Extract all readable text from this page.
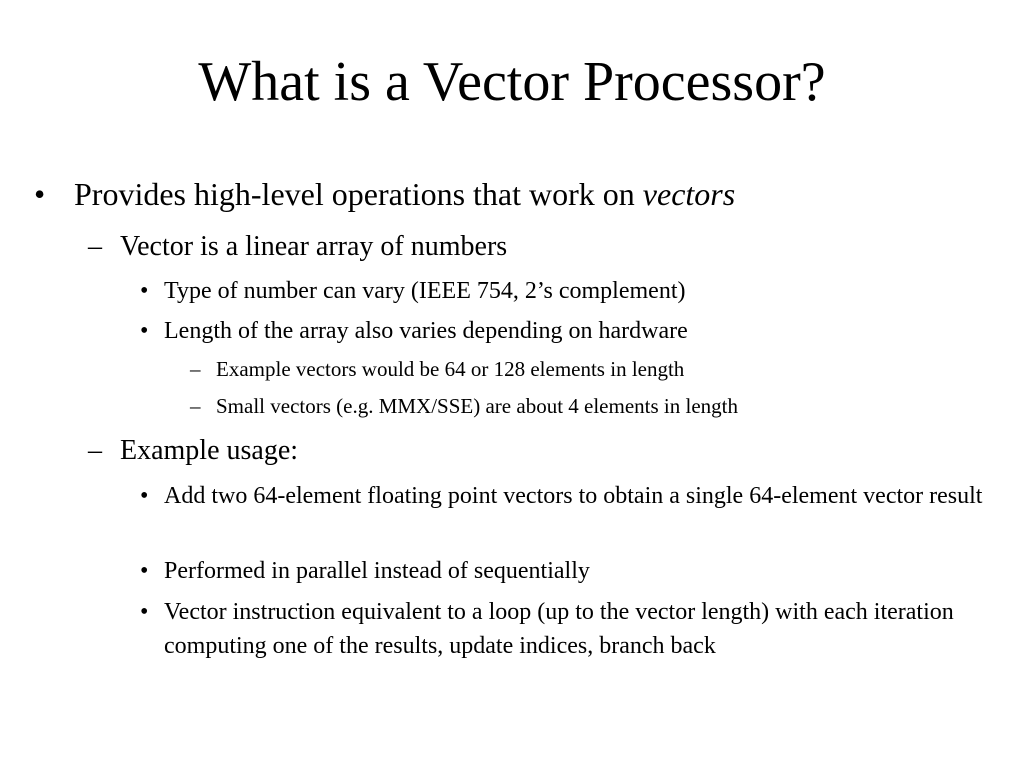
What is a Vector Processor?
• Provides high-level operations that work on vectors
– Vector is a linear array of numbers
• Type of number can vary (IEEE 754, 2’s complement)
• Length of the array also varies depending on hardware
– Example vectors would be 64 or 128 elements in length
– Small vectors (e.g. MMX/SSE) are about 4 elements in length
– Example usage:
• Add two 64-element floating point vectors to obtain a single 64-element vector result
• Performed in parallel instead of sequentially
• Vector instruction equivalent to a loop (up to the vector length) with each iteration computing one of the results, update indices, branch back
